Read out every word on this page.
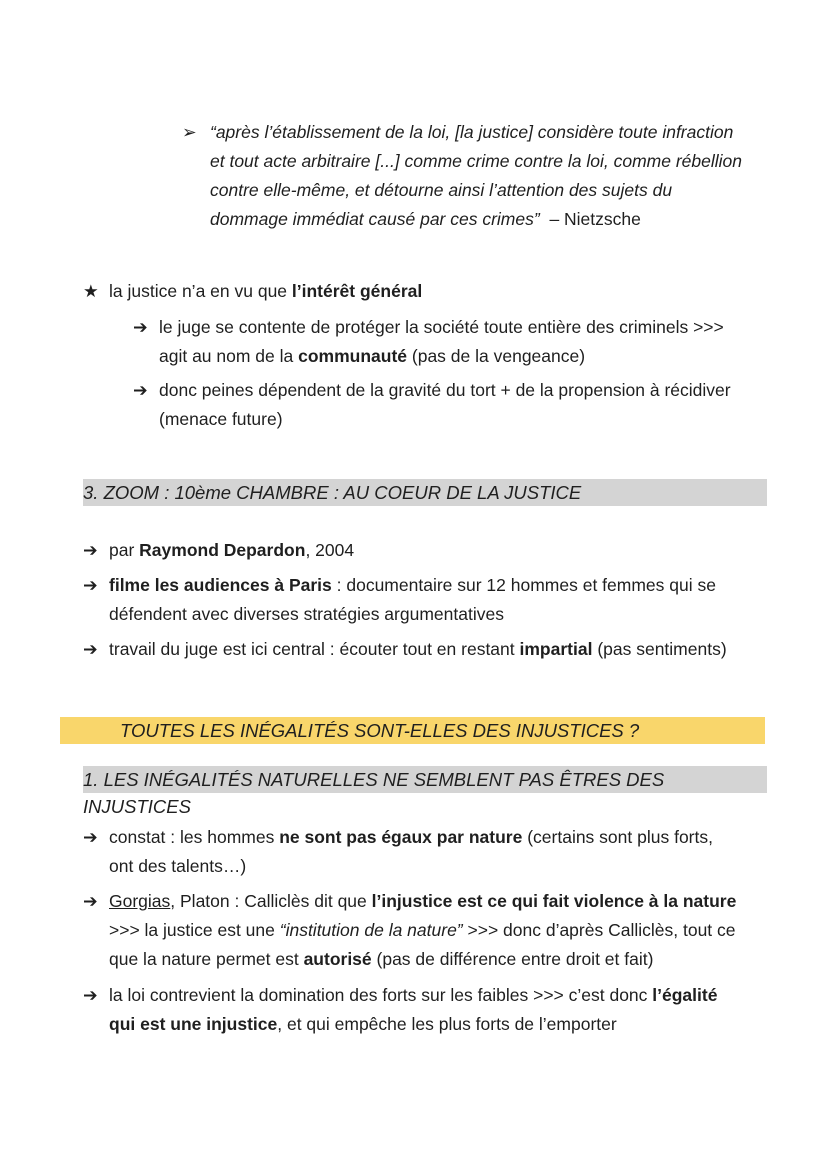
➢ “après l’établissement de la loi, [la justice] considère toute infraction
et tout acte arbitraire [...] comme crime contre la loi, comme rébellion
contre elle-même, et détourne ainsi l’attention des sujets du
dommage immédiat causé par ces crimes” – Nietzsche
★ la justice n’a en vu que l’intérêt général
➔ le juge se contente de protéger la société toute entière des criminels >>>
agit au nom de la communauté (pas de la vengeance)
➔ donc peines dépendent de la gravité du tort + de la propension à récidiver
(menace future)
3. ZOOM : 10ème CHAMBRE : AU COEUR DE LA JUSTICE
➔ par Raymond Depardon, 2004
➔ filme les audiences à Paris : documentaire sur 12 hommes et femmes qui se
défendent avec diverses stratégies argumentatives
➔ travail du juge est ici central : écouter tout en restant impartial (pas sentiments)
TOUTES LES INÉGALITÉS SONT-ELLES DES INJUSTICES ?
1. LES INÉGALITÉS NATURELLES NE SEMBLENT PAS ÊTRES DES INJUSTICES
➔ constat : les hommes ne sont pas égaux par nature (certains sont plus forts,
ont des talents…)
➔ Gorgias, Platon : Calliclès dit que l’injustice est ce qui fait violence à la nature
>>> la justice est une “institution de la nature” >>> donc d’après Calliclès, tout ce
que la nature permet est autorisé (pas de différence entre droit et fait)
➔ la loi contrevient la domination des forts sur les faibles >>> c’est donc l’égalité
qui est une injustice, et qui empêche les plus forts de l’emporter
